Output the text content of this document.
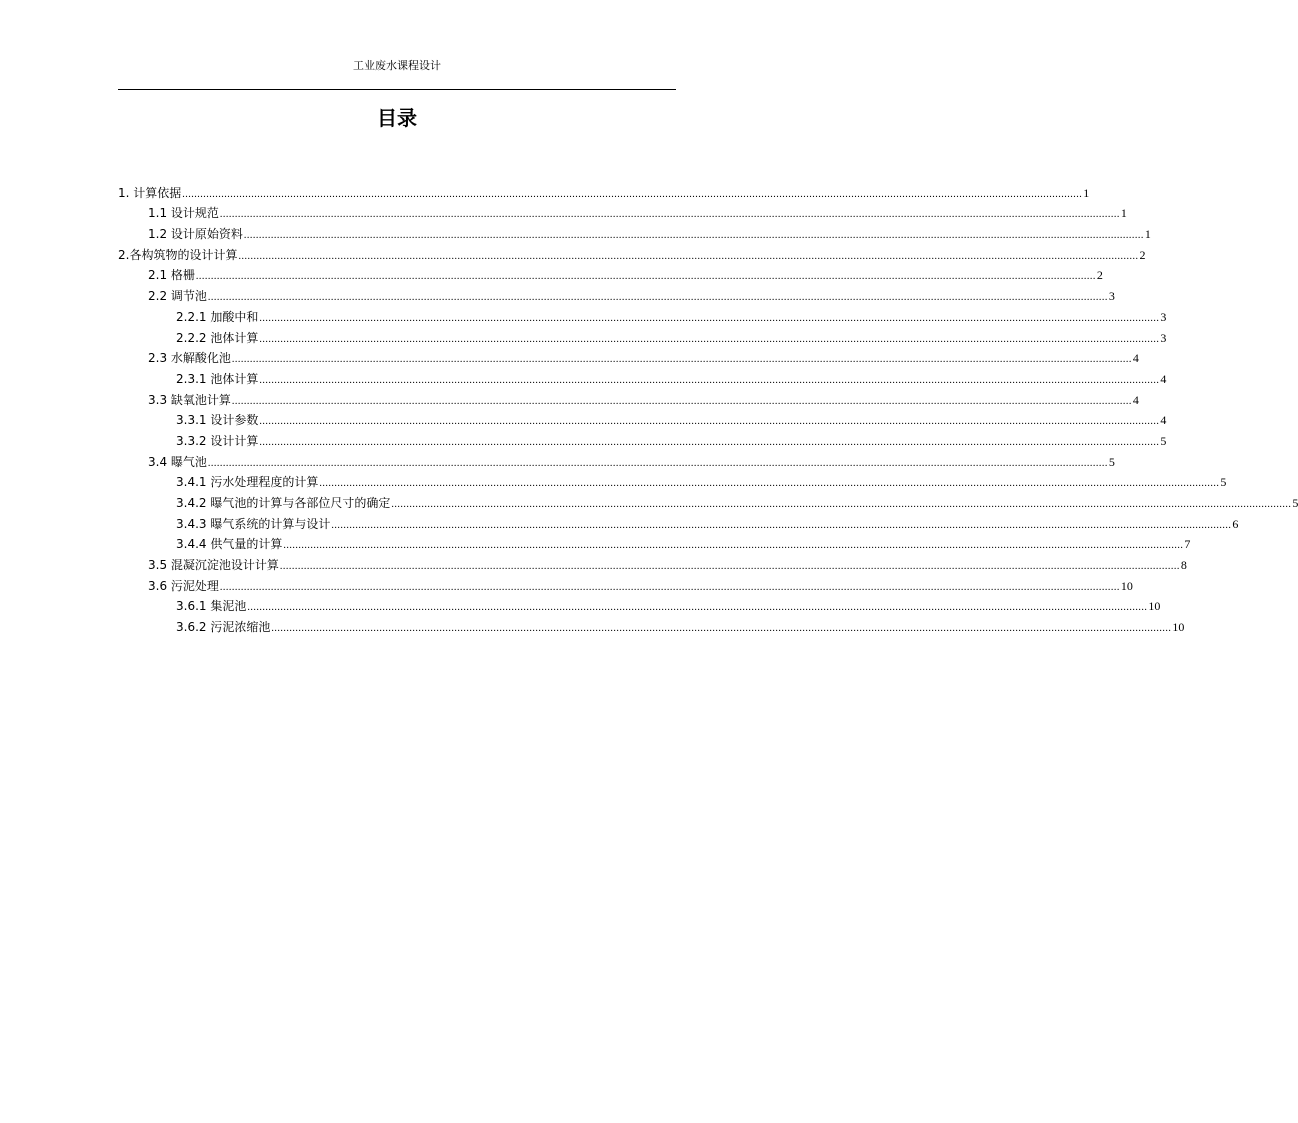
工业废水课程设计
目录
1. 计算依据 ............................................................................................................................................................................................................................................................................................................ 1
1.1 设计规范 ............................................................................................................................................................................................................................................................................................................ 1
1.2 设计原始资料 ............................................................................................................................................................................................................................................................................................................ 1
2.各构筑物的设计计算 ............................................................................................................................................................................................................................................................................................................ 2
2.1 格栅 ............................................................................................................................................................................................................................................................................................................ 2
2.2 调节池 ............................................................................................................................................................................................................................................................................................................ 3
2.2.1 加酸中和 ............................................................................................................................................................................................................................................................................................................ 3
2.2.2 池体计算 ............................................................................................................................................................................................................................................................................................................ 3
2.3 水解酸化池 ............................................................................................................................................................................................................................................................................................................ 4
2.3.1 池体计算 ............................................................................................................................................................................................................................................................................................................ 4
3.3 缺氧池计算 ............................................................................................................................................................................................................................................................................................................ 4
3.3.1 设计参数 ............................................................................................................................................................................................................................................................................................................ 4
3.3.2 设计计算 ............................................................................................................................................................................................................................................................................................................ 5
3.4 曝气池 ............................................................................................................................................................................................................................................................................................................ 5
3.4.1 污水处理程度的计算 ............................................................................................................................................................................................................................................................................................................ 5
3.4.2 曝气池的计算与各部位尺寸的确定 ............................................................................................................................................................................................................................................................................................................ 5
3.4.3 曝气系统的计算与设计 ............................................................................................................................................................................................................................................................................................................ 6
3.4.4 供气量的计算 ............................................................................................................................................................................................................................................................................................................ 7
3.5 混凝沉淀池设计计算 ............................................................................................................................................................................................................................................................................................................ 8
3.6 污泥处理 ............................................................................................................................................................................................................................................................................................................ 10
3.6.1 集泥池 ............................................................................................................................................................................................................................................................................................................ 10
3.6.2 污泥浓缩池 ............................................................................................................................................................................................................................................................................................................ 10
